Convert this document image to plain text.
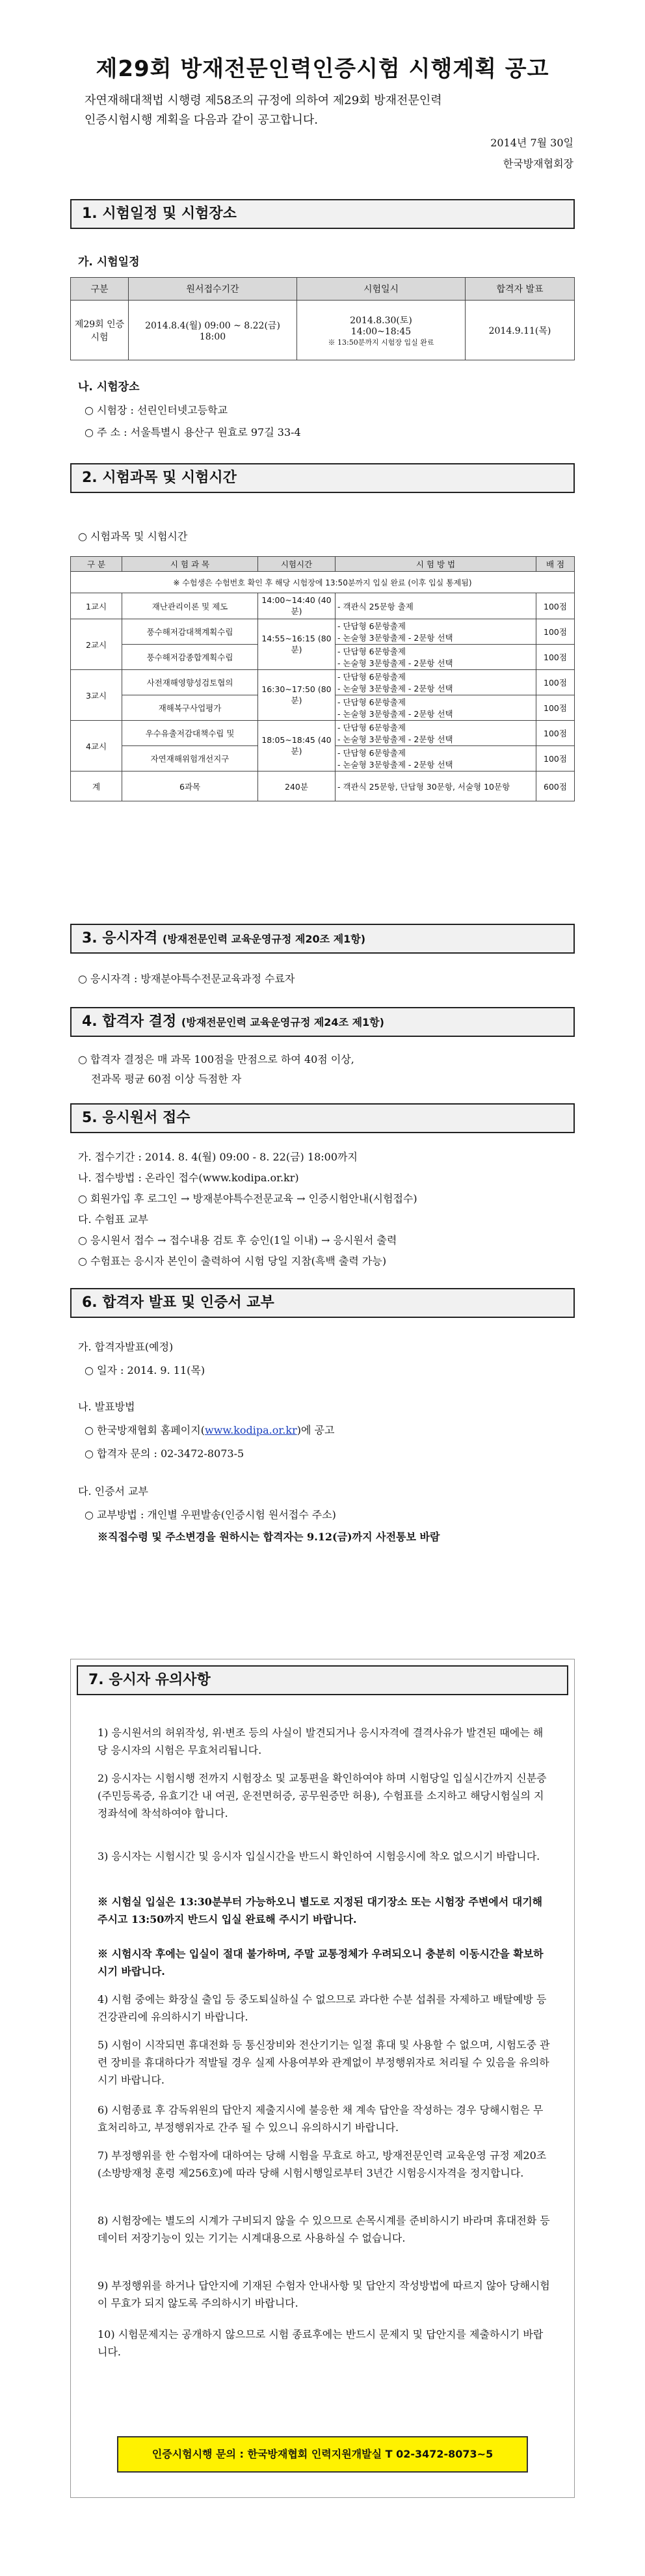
제29회 방재전문인력인증시험 시행계획 공고
자연재해대책법 시행령 제58조의 규정에 의하여 제29회 방재전문인력
인증시험시행 계획을 다음과 같이 공고합니다.
2014년 7월 30일
한국방재협회장
1. 시험일정 및 시험장소
가. 시험일정
구분	원서접수기간	시험일시	합격자 발표
제29회 인증시험	2014.8.4(월) 09:00 ~ 8.22(금) 18:00	2014.8.30(토)
14:00~18:45
※ 13:50분까지 시험장 입실 완료	2014.9.11(목)
나. 시험장소
○ 시험장 : 선린인터넷고등학교
○ 주 소 : 서울특별시 용산구 원효로 97길 33-4
2. 시험과목 및 시험시간
○ 시험과목 및 시험시간
구 분	시 험 과 목	시험시간	시 험 방 법	배 점
※ 수험생은 수험번호 확인 후 해당 시험장에 13:50분까지 입실 완료 (이후 입실 통제됨)				
1교시	재난관리이론 및 제도	14:00~14:40 (40분)	- 객관식 25문항 출제	100점
2교시	풍수해저감대책계획수립	14:55~16:15 (80분)	- 단답형 6문항출제
- 논술형 3문항출제 - 2문항 선택	100점
	풍수해저감종합계획수립		- 단답형 6문항출제
- 논술형 3문항출제 - 2문항 선택	100점
3교시	사전재해영향성검토협의	16:30~17:50 (80분)	- 단답형 6문항출제
- 논술형 3문항출제 - 2문항 선택	100점
	재해복구사업평가		- 단답형 6문항출제
- 논술형 3문항출제 - 2문항 선택	100점
4교시	우수유출저감대책수립 및	18:05~18:45 (40분)	- 단답형 6문항출제
- 논술형 3문항출제 - 2문항 선택	100점
	자연재해위험개선지구		- 단답형 6문항출제
- 논술형 3문항출제 - 2문항 선택	100점
계	6과목	240분	- 객관식 25문항, 단답형 30문항, 서술형 10문항	600점
3. 응시자격 (방재전문인력 교육운영규정 제20조 제1항)
○ 응시자격 : 방재분야특수전문교육과정 수료자
4. 합격자 결정 (방재전문인력 교육운영규정 제24조 제1항)
○ 합격자 결정은 매 과목 100점을 만점으로 하여 40점 이상,
전과목 평균 60점 이상 득점한 자
5. 응시원서 접수
가. 접수기간 : 2014. 8. 4(월) 09:00 - 8. 22(금) 18:00까지
나. 접수방법 : 온라인 접수(www.kodipa.or.kr)
○ 회원가입 후 로그인 → 방재분야특수전문교육 → 인증시험안내(시험접수)
다. 수험표 교부
○ 응시원서 접수 → 접수내용 검토 후 승인(1일 이내) → 응시원서 출력
○ 수험표는 응시자 본인이 출력하여 시험 당일 지참(흑백 출력 가능)
6. 합격자 발표 및 인증서 교부
가. 합격자발표(예정)
○ 일자 : 2014. 9. 11(목)
나. 발표방법
○ 한국방재협회 홈페이지(www.kodipa.or.kr)에 공고
○ 합격자 문의 : 02-3472-8073-5
다. 인증서 교부
○ 교부방법 : 개인별 우편발송(인증시험 원서접수 주소)
※직접수령 및 주소변경을 원하시는 합격자는 9.12(금)까지 사전통보 바람
7. 응시자 유의사항
1) 응시원서의 허위작성, 위·변조 등의 사실이 발견되거나 응시자격에 결격사유가 발견된 때에는 해당 응시자의 시험은 무효처리됩니다.
2) 응시자는 시험시행 전까지 시험장소 및 교통편을 확인하여야 하며 시험당일 입실시간까지 신분증(주민등록증, 유효기간 내 여권, 운전면허증, 공무원증만 허용), 수험표를 소지하고 해당시험실의 지정좌석에 착석하여야 합니다.
3) 응시자는 시험시간 및 응시자 입실시간을 반드시 확인하여 시험응시에 착오 없으시기 바랍니다.
※ 시험실 입실은 13:30분부터 가능하오니 별도로 지정된 대기장소 또는 시험장 주변에서 대기해 주시고 13:50까지 반드시 입실 완료해 주시기 바랍니다.
※ 시험시작 후에는 입실이 절대 불가하며, 주말 교통정체가 우려되오니 충분히 이동시간을 확보하시기 바랍니다.
4) 시험 중에는 화장실 출입 등 중도퇴실하실 수 없으므로 과다한 수분 섭취를 자제하고 배탈예방 등 건강관리에 유의하시기 바랍니다.
5) 시험이 시작되면 휴대전화 등 통신장비와 전산기기는 일절 휴대 및 사용할 수 없으며, 시험도중 관련 장비를 휴대하다가 적발될 경우 실제 사용여부와 관계없이 부정행위자로 처리될 수 있음을 유의하시기 바랍니다.
6) 시험종료 후 감독위원의 답안지 제출지시에 불응한 채 계속 답안을 작성하는 경우 당해시험은 무효처리하고, 부정행위자로 간주 될 수 있으니 유의하시기 바랍니다.
7) 부정행위를 한 수험자에 대하여는 당해 시험을 무효로 하고, 방재전문인력 교육운영 규정 제20조(소방방재청 훈령 제256호)에 따라 당해 시험시행일로부터 3년간 시험응시자격을 정지합니다.
8) 시험장에는 별도의 시계가 구비되지 않을 수 있으므로 손목시계를 준비하시기 바라며 휴대전화 등 데이터 저장기능이 있는 기기는 시계대용으로 사용하실 수 없습니다.
9) 부정행위를 하거나 답안지에 기재된 수험자 안내사항 및 답안지 작성방법에 따르지 않아 당해시험이 무효가 되지 않도록 주의하시기 바랍니다.
10) 시험문제지는 공개하지 않으므로 시험 종료후에는 반드시 문제지 및 답안지를 제출하시기 바랍니다.
인증시험시행 문의 : 한국방재협회 인력지원개발실 T 02-3472-8073~5
